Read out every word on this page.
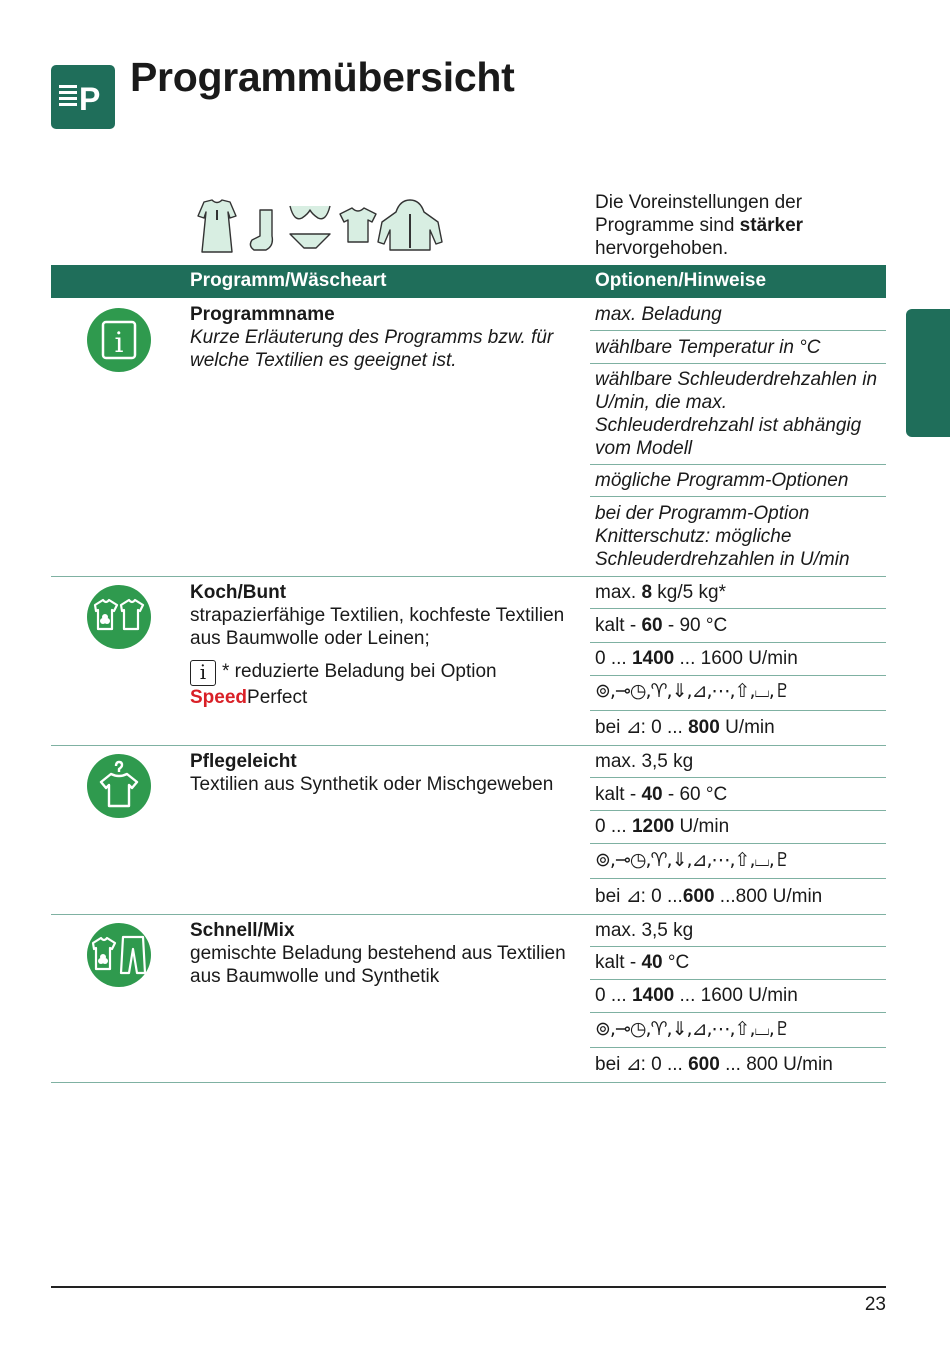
P Programmübersicht
Die Voreinstellungen der
Programme sind stärker
hervorgehoben.
Programm/Wäscheart	Optionen/Hinweise
i
Programmname
Kurze Erläuterung des Programms bzw. für welche Textilien es geeignet ist.
max. Beladung
wählbare Temperatur in °C
wählbare Schleuderdrehzahlen in U/min, die max. Schleuderdrehzahl ist abhängig vom Modell
mögliche Programm-Optionen
bei der Programm-Option Knitterschutz: mögliche Schleuderdrehzahlen in U/min
Koch/Bunt
strapazierfähige Textilien, kochfeste Textilien aus Baumwolle oder Leinen;
i * reduzierte Beladung bei Option
SpeedPerfect
max. 8 kg/5 kg*
kalt - 60 - 90 °C
0 ... 1400 ... 1600 U/min
⊚,⊸◷,♈,⇓,⊿,⋯,⇧,⌴,♇
bei ⊿: 0 ... 800 U/min
Pflegeleicht
Textilien aus Synthetik oder Mischgeweben
max. 3,5 kg
kalt - 40 - 60 °C
0 ... 1200 U/min
⊚,⊸◷,♈,⇓,⊿,⋯,⇧,⌴,♇
bei ⊿: 0 ...600 ...800 U/min
Schnell/Mix
gemischte Beladung bestehend aus Textilien aus Baumwolle und Synthetik
max. 3,5 kg
kalt - 40 °C
0 ... 1400 ... 1600 U/min
⊚,⊸◷,♈,⇓,⊿,⋯,⇧,⌴,♇
bei ⊿: 0 ... 600 ... 800 U/min
23
